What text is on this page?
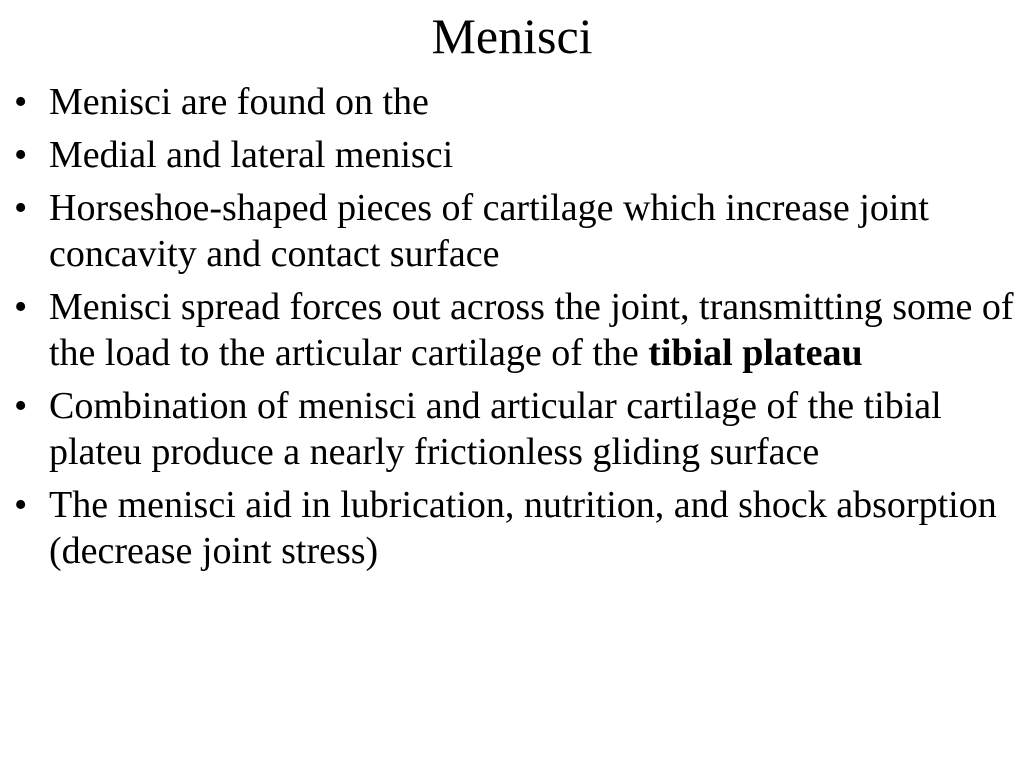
Menisci
• Menisci are found on the
• Medial and lateral menisci
• Horseshoe-shaped pieces of cartilage which increase joint concavity and contact surface
• Menisci spread forces out across the joint, transmitting some of the load to the articular cartilage of the tibial plateau
• Combination of menisci and articular cartilage of the tibial plateu produce a nearly frictionless gliding surface
• The menisci aid in lubrication, nutrition, and shock absorption (decrease joint stress)
